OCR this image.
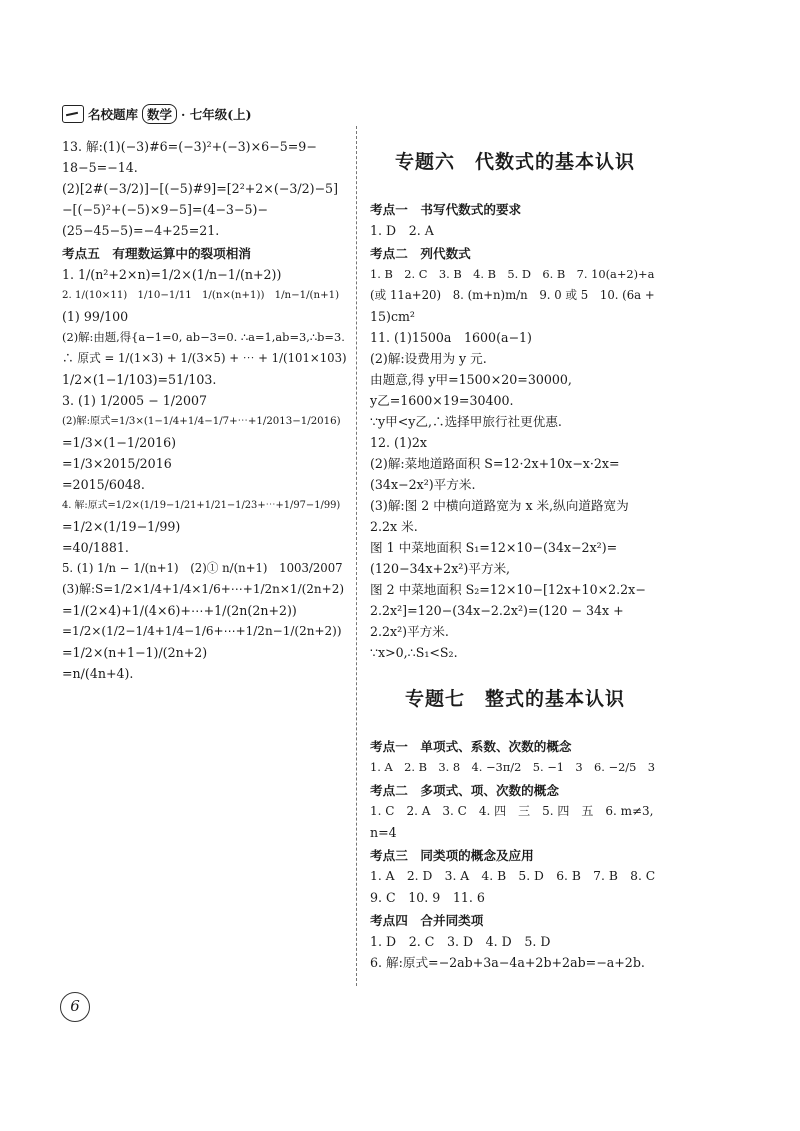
名校题库 数学 · 七年级(上)
13. 解:(1)(−3)#6=(−3)²+(−3)×6−5=9−
18−5=−14.
(2)[2#(−3/2)]−[(−5)#9]=[2²+2×(−3/2)−5]
−[(−5)²+(−5)×9−5]=(4−3−5)−
(25−45−5)=−4+25=21.
考点五　有理数运算中的裂项相消
1. 1/(n²+2×n)=1/2×(1/n−1/(n+2))
2. 1/(10×11)　1/10−1/11　1/(n×(n+1))　1/n−1/(n+1)
(1) 99/100
(2)解:由题,得{a−1=0, ab−3=0. ∴a=1,ab=3,∴b=3.
∴ 原式 = 1/(1×3) + 1/(3×5) + ⋯ + 1/(101×103)
1/2×(1−1/103)=51/103.
3. (1) 1/2005 − 1/2007
(2)解:原式=1/3×(1−1/4+1/4−1/7+⋯+1/2013−1/2016)
=1/3×(1−1/2016)
=1/3×2015/2016
=2015/6048.
4. 解:原式=1/2×(1/19−1/21+1/21−1/23+⋯+1/97−1/99)
=1/2×(1/19−1/99)
=40/1881.
5. (1) 1/n − 1/(n+1)　(2)① n/(n+1)　1003/2007
(3)解:S=1/2×1/4+1/4×1/6+⋯+1/2n×1/(2n+2)
=1/(2×4)+1/(4×6)+⋯+1/(2n(2n+2))
=1/2×(1/2−1/4+1/4−1/6+⋯+1/2n−1/(2n+2))
=1/2×(n+1−1)/(2n+2)
=n/(4n+4).
专题六　代数式的基本认识
考点一　书写代数式的要求
1. D　2. A
考点二　列代数式
1. B　2. C　3. B　4. B　5. D　6. B　7. 10(a+2)+a
(或 11a+20)　8. (m+n)m/n　9. 0 或 5　10. (6a +
15)cm²
11. (1)1500a　1600(a−1)
(2)解:设费用为 y 元.
由题意,得 y甲=1500×20=30000,
y乙=1600×19=30400.
∵y甲<y乙,∴选择甲旅行社更优惠.
12. (1)2x
(2)解:菜地道路面积 S=12·2x+10x−x·2x=
(34x−2x²)平方米.
(3)解:图 2 中横向道路宽为 x 米,纵向道路宽为
2.2x 米.
图 1 中菜地面积 S₁=12×10−(34x−2x²)=
(120−34x+2x²)平方米,
图 2 中菜地面积 S₂=12×10−[12x+10×2.2x−
2.2x²]=120−(34x−2.2x²)=(120 − 34x +
2.2x²)平方米.
∵x>0,∴S₁<S₂.
专题七　整式的基本认识
考点一　单项式、系数、次数的概念
1. A　2. B　3. 8　4. −3π/2　5. −1　3　6. −2/5　3
考点二　多项式、项、次数的概念
1. C　2. A　3. C　4. 四　三　5. 四　五　6. m≠3,
n=4
考点三　同类项的概念及应用
1. A　2. D　3. A　4. B　5. D　6. B　7. B　8. C
9. C　10. 9　11. 6
考点四　合并同类项
1. D　2. C　3. D　4. D　5. D
6. 解:原式=−2ab+3a−4a+2b+2ab=−a+2b.
6
